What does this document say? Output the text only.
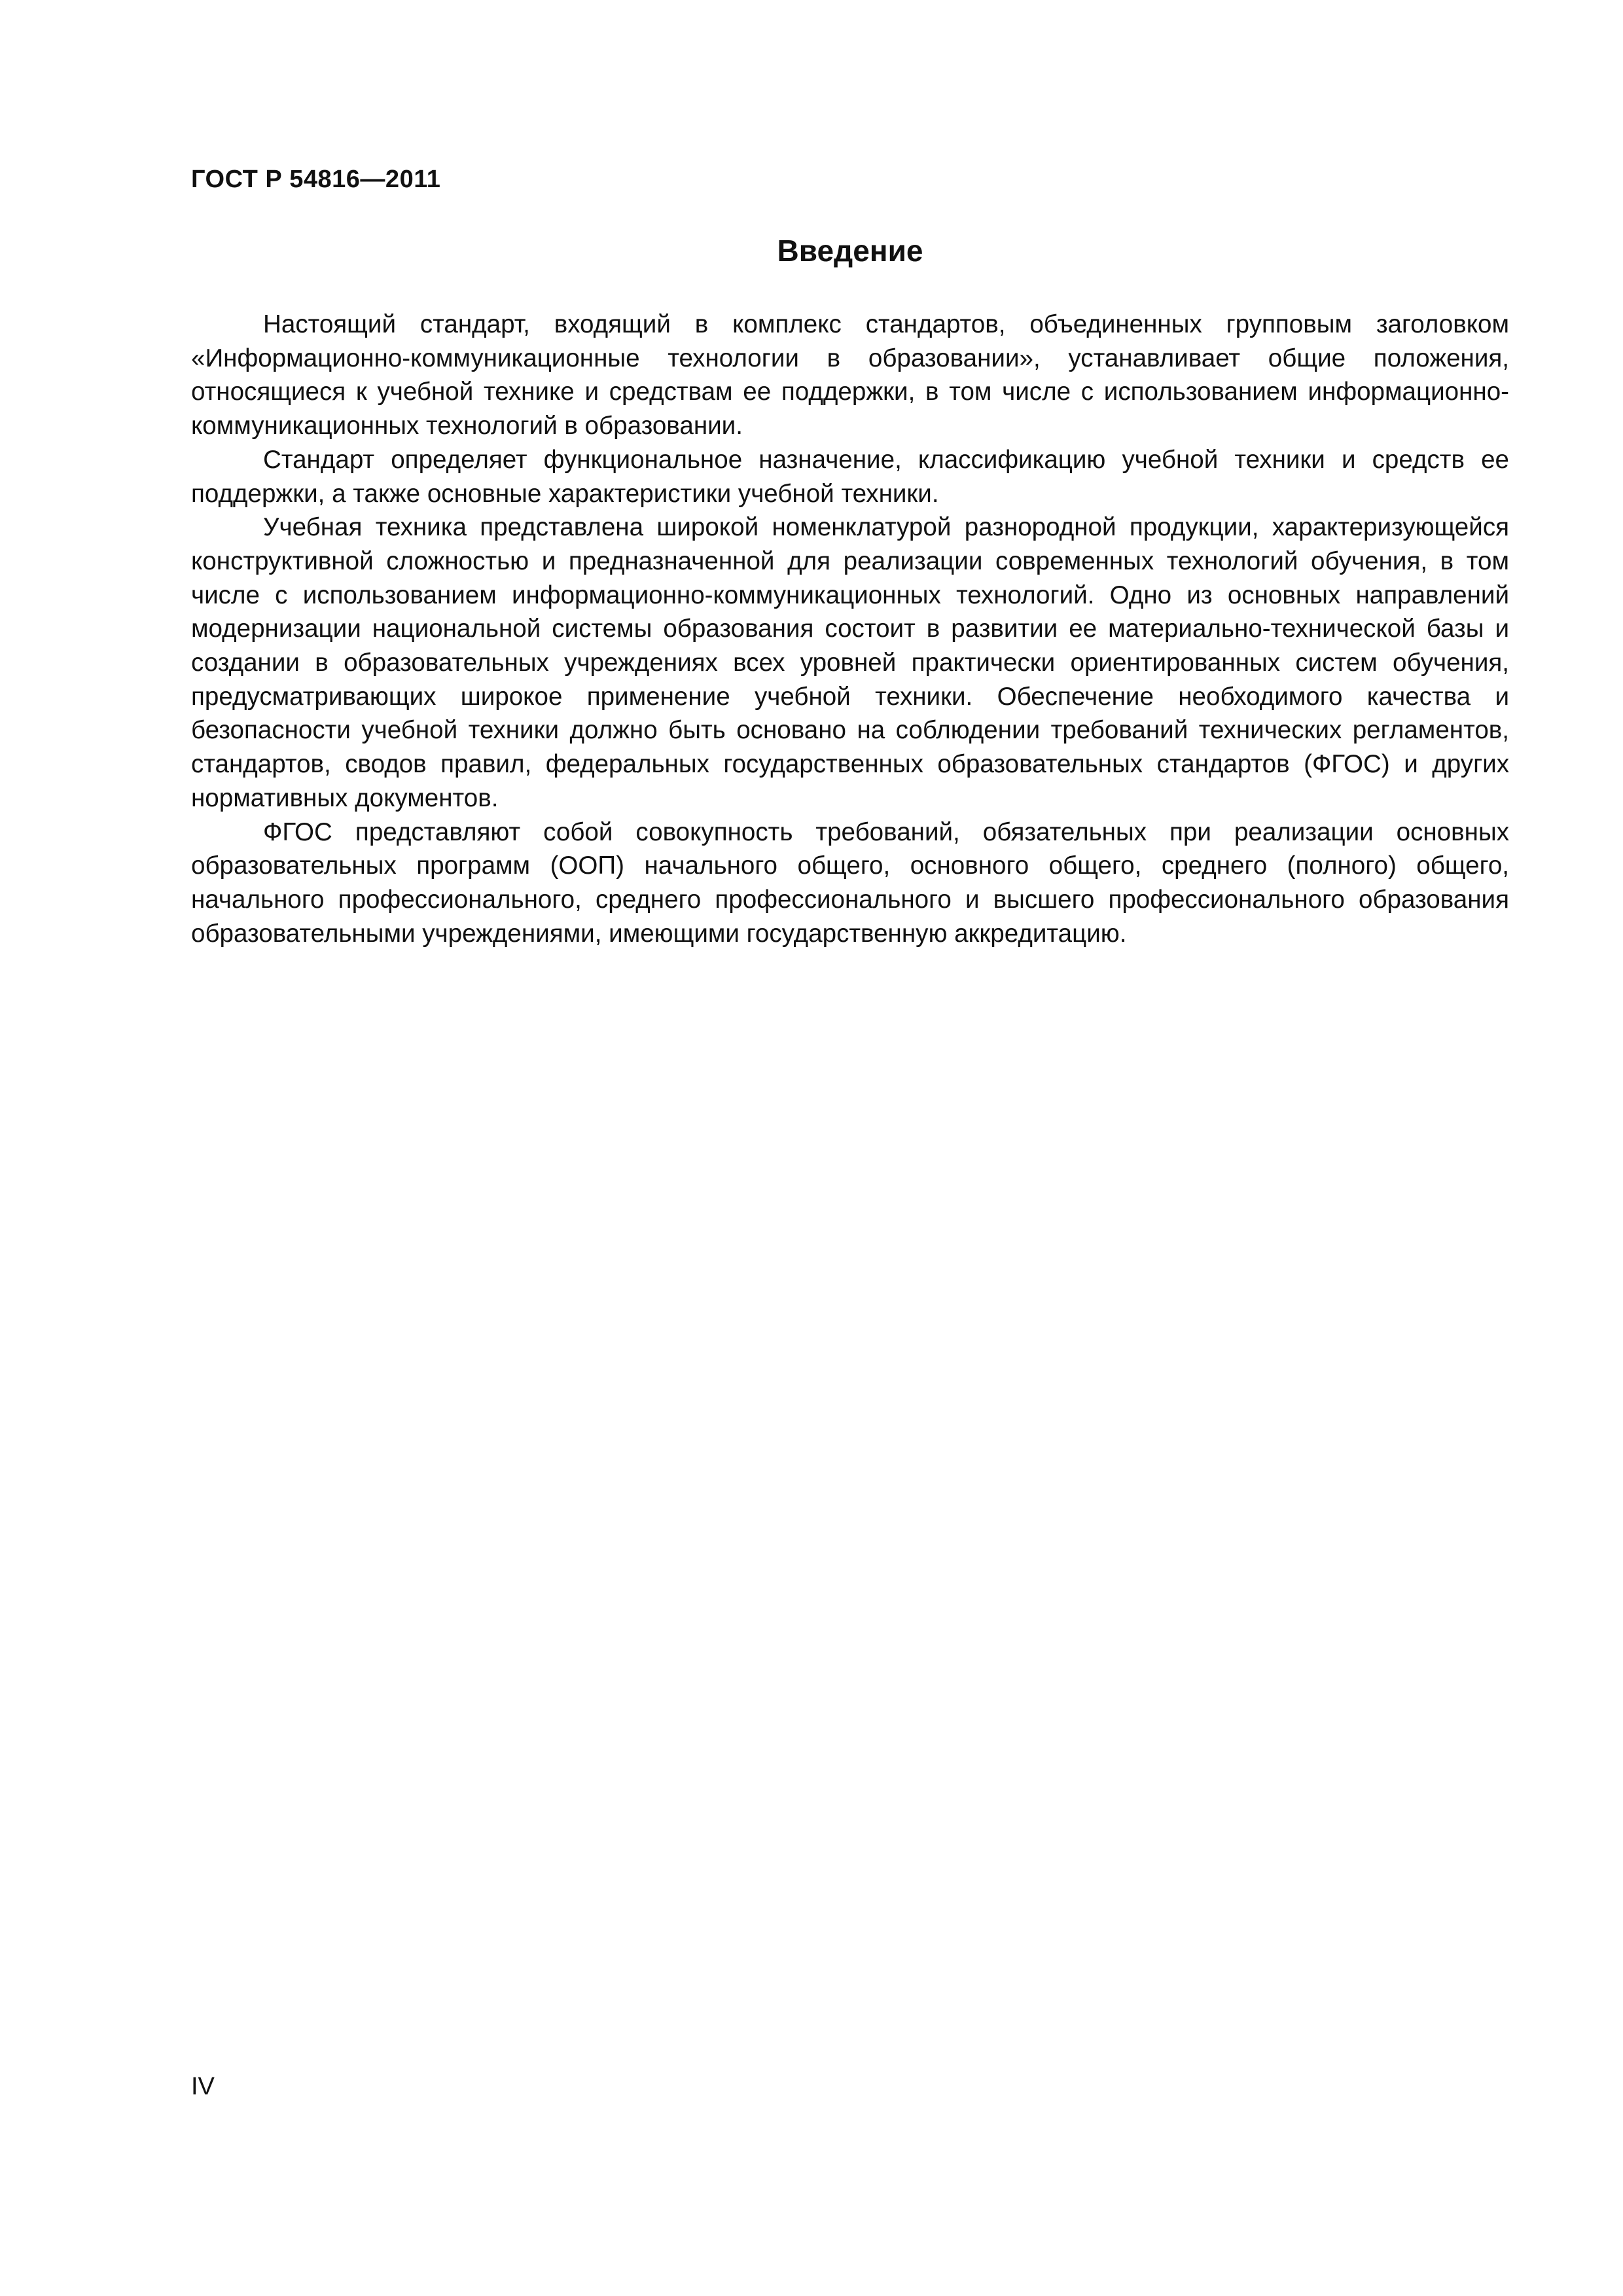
ГОСТ Р 54816—2011
Введение

Настоящий стандарт, входящий в комплекс стандартов, объединенных групповым заголовком «Информационно-коммуникационные технологии в образовании», устанавливает общие положения, относящиеся к учебной технике и средствам ее поддержки, в том числе с использованием информационно-коммуникационных технологий в образовании.

Стандарт определяет функциональное назначение, классификацию учебной техники и средств ее поддержки, а также основные характеристики учебной техники.

Учебная техника представлена широкой номенклатурой разнородной продукции, характеризующейся конструктивной сложностью и предназначенной для реализации современных технологий обучения, в том числе с использованием информационно-коммуникационных технологий. Одно из основных направлений модернизации национальной системы образования состоит в развитии ее материально-технической базы и создании в образовательных учреждениях всех уровней практически ориентированных систем обучения, предусматривающих широкое применение учебной техники. Обеспечение необходимого качества и безопасности учебной техники должно быть основано на соблюдении требований технических регламентов, стандартов, сводов правил, федеральных государственных образовательных стандартов (ФГОС) и других нормативных документов.

ФГОС представляют собой совокупность требований, обязательных при реализации основных образовательных программ (ООП) начального общего, основного общего, среднего (полного) общего, начального профессионального, среднего профессионального и высшего профессионального образования образовательными учреждениями, имеющими государственную аккредитацию.

IV
